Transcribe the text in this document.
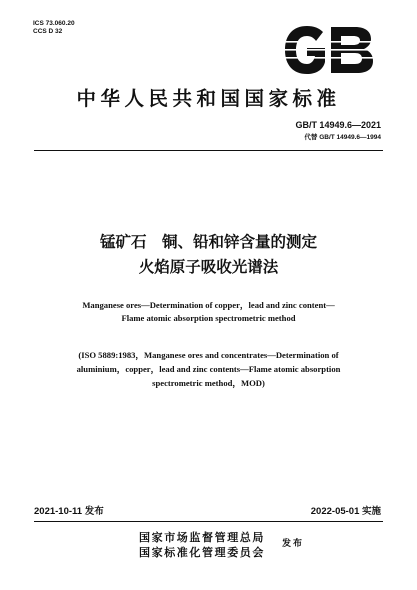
ICS 73.060.20
CCS D 32
中华人民共和国国家标准
GB/T 14949.6—2021
代替 GB/T 14949.6—1994
锰矿石　铜、铅和锌含量的测定
火焰原子吸收光谱法
Manganese ores—Determination of copper，lead and zinc content—
Flame atomic absorption spectrometric method
(ISO 5889:1983，Manganese ores and concentrates—Determination of
aluminium，copper，lead and zinc contents—Flame atomic absorption
spectrometric method，MOD)
2021-10-11 发布	2022-05-01 实施
国家市场监督管理总局
国家标准化管理委员会
发布
